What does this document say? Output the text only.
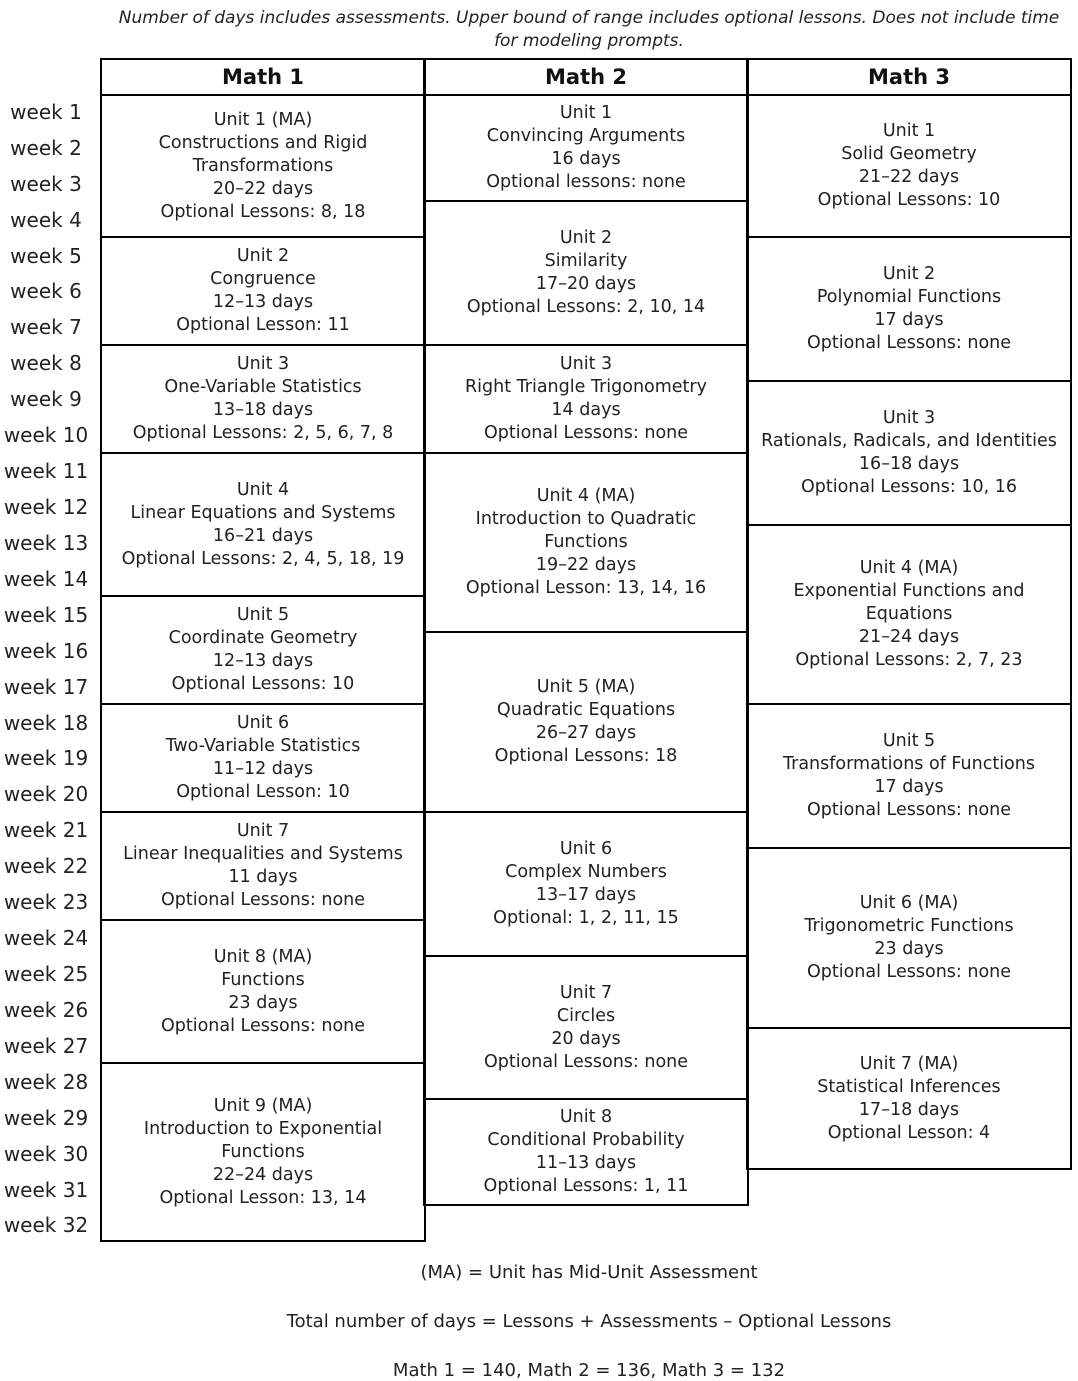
Number of days includes assessments. Upper bound of range includes optional lessons. Does not include time
for modeling prompts.
week 1
week 2
week 3
week 4
week 5
week 6
week 7
week 8
week 9
week 10
week 11
week 12
week 13
week 14
week 15
week 16
week 17
week 18
week 19
week 20
week 21
week 22
week 23
week 24
week 25
week 26
week 27
week 28
week 29
week 30
week 31
week 32
Math 1
Unit 1 (MA)
Constructions and Rigid
Transformations
20–22 days
Optional Lessons: 8, 18
Unit 2
Congruence
12–13 days
Optional Lesson: 11
Unit 3
One-Variable Statistics
13–18 days
Optional Lessons: 2, 5, 6, 7, 8
Unit 4
Linear Equations and Systems
16–21 days
Optional Lessons: 2, 4, 5, 18, 19
Unit 5
Coordinate Geometry
12–13 days
Optional Lessons: 10
Unit 6
Two-Variable Statistics
11–12 days
Optional Lesson: 10
Unit 7
Linear Inequalities and Systems
11 days
Optional Lessons: none
Unit 8 (MA)
Functions
23 days
Optional Lessons: none
Unit 9 (MA)
Introduction to Exponential
Functions
22–24 days
Optional Lesson: 13, 14
Math 2
Unit 1
Convincing Arguments
16 days
Optional lessons: none
Unit 2
Similarity
17–20 days
Optional Lessons: 2, 10, 14
Unit 3
Right Triangle Trigonometry
14 days
Optional Lessons: none
Unit 4 (MA)
Introduction to Quadratic
Functions
19–22 days
Optional Lesson: 13, 14, 16
Unit 5 (MA)
Quadratic Equations
26–27 days
Optional Lessons: 18
Unit 6
Complex Numbers
13–17 days
Optional: 1, 2, 11, 15
Unit 7
Circles
20 days
Optional Lessons: none
Unit 8
Conditional Probability
11–13 days
Optional Lessons: 1, 11
Math 3
Unit 1
Solid Geometry
21–22 days
Optional Lessons: 10
Unit 2
Polynomial Functions
17 days
Optional Lessons: none
Unit 3
Rationals, Radicals, and Identities
16–18 days
Optional Lessons: 10, 16
Unit 4 (MA)
Exponential Functions and
Equations
21–24 days
Optional Lessons: 2, 7, 23
Unit 5
Transformations of Functions
17 days
Optional Lessons: none
Unit 6 (MA)
Trigonometric Functions
23 days
Optional Lessons: none
Unit 7 (MA)
Statistical Inferences
17–18 days
Optional Lesson: 4
(MA) = Unit has Mid-Unit Assessment
Total number of days = Lessons + Assessments – Optional Lessons
Math 1 = 140, Math 2 = 136, Math 3 = 132
